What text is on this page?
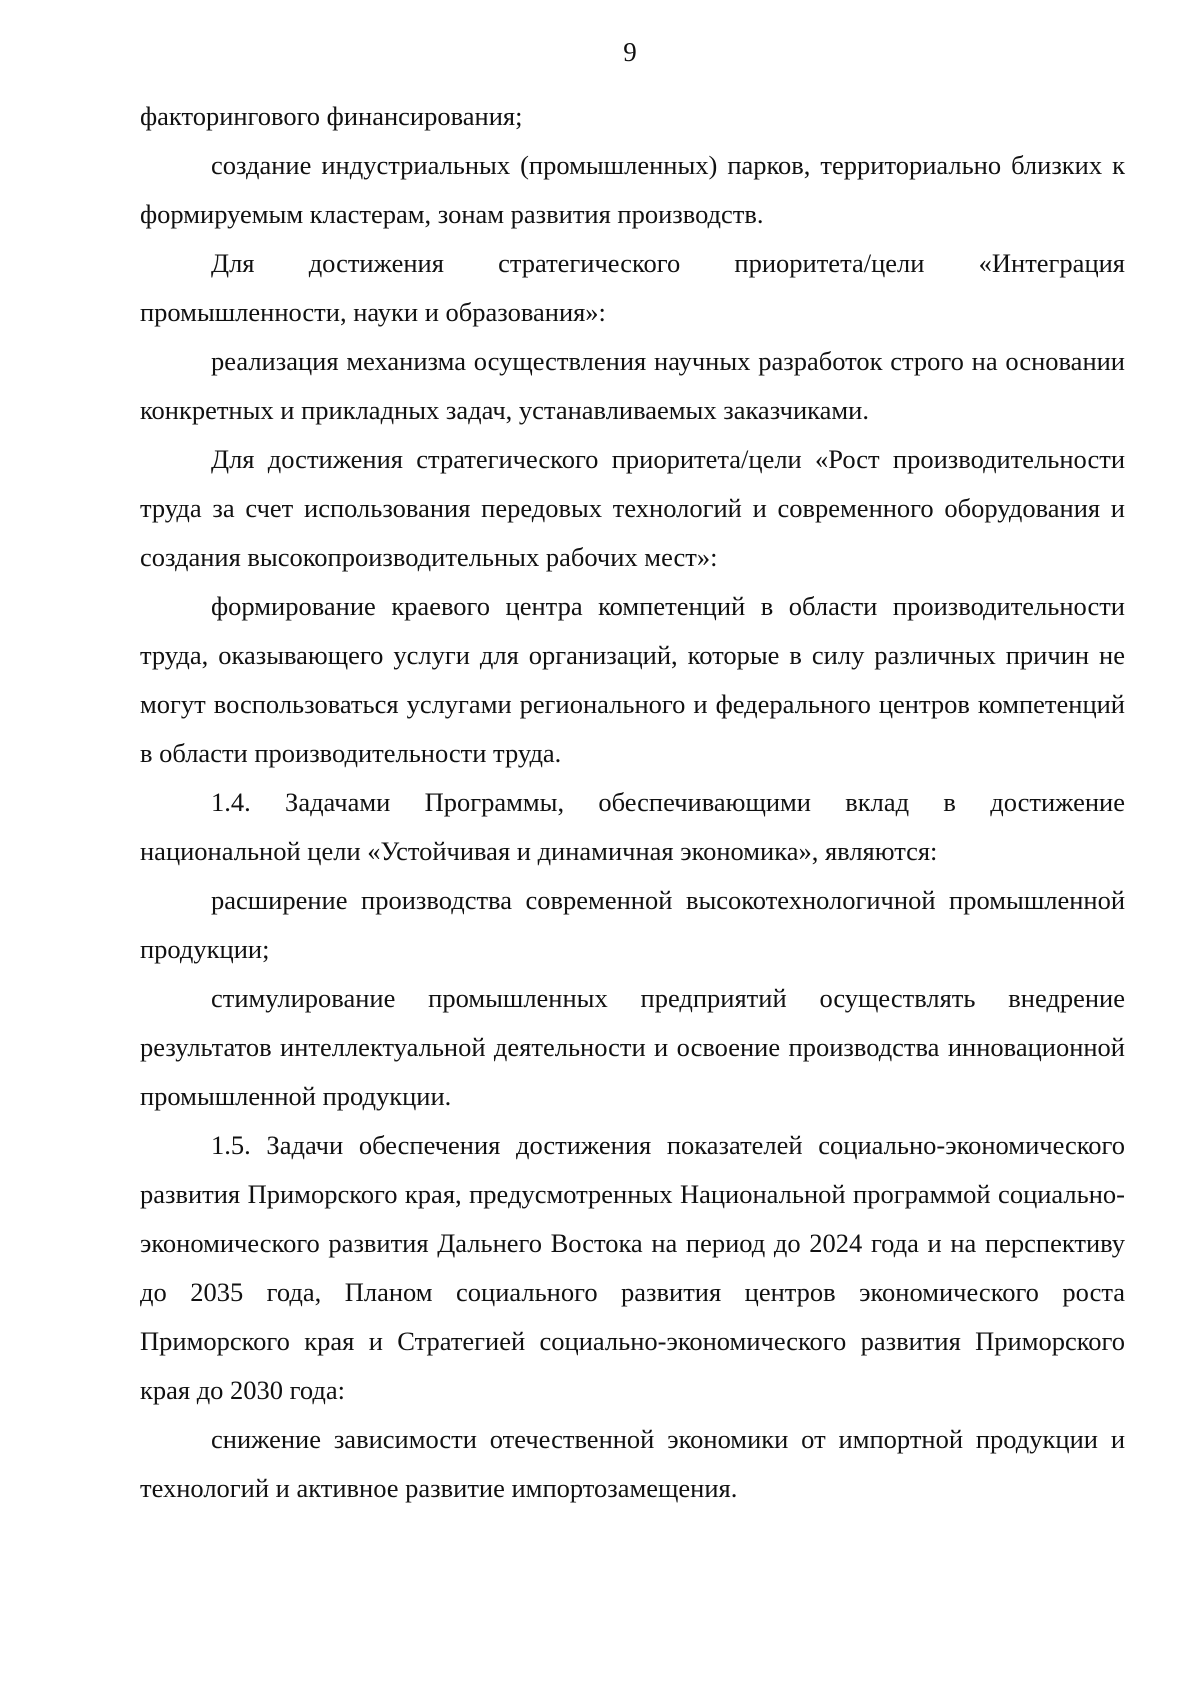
9

факторингового финансирования;

создание индустриальных (промышленных) парков, территориально близких к формируемым кластерам, зонам развития производств.

Для достижения стратегического приоритета/цели «Интеграция промышленности, науки и образования»:

реализация механизма осуществления научных разработок строго на основании конкретных и прикладных задач, устанавливаемых заказчиками.

Для достижения стратегического приоритета/цели «Рост производительности труда за счет использования передовых технологий и современного оборудования и создания высокопроизводительных рабочих мест»:

формирование краевого центра компетенций в области производительности труда, оказывающего услуги для организаций, которые в силу различных причин не могут воспользоваться услугами регионального и федерального центров компетенций в области производительности труда.

1.4. Задачами Программы, обеспечивающими вклад в достижение национальной цели «Устойчивая и динамичная экономика», являются:

расширение производства современной высокотехнологичной промышленной продукции;

стимулирование промышленных предприятий осуществлять внедрение результатов интеллектуальной деятельности и освоение производства инновационной промышленной продукции.

1.5. Задачи обеспечения достижения показателей социально-экономического развития Приморского края, предусмотренных Национальной программой социально-экономического развития Дальнего Востока на период до 2024 года и на перспективу до 2035 года, Планом социального развития центров экономического роста Приморского края и Стратегией социально-экономического развития Приморского края до 2030 года:

снижение зависимости отечественной экономики от импортной продукции и технологий и активное развитие импортозамещения.
